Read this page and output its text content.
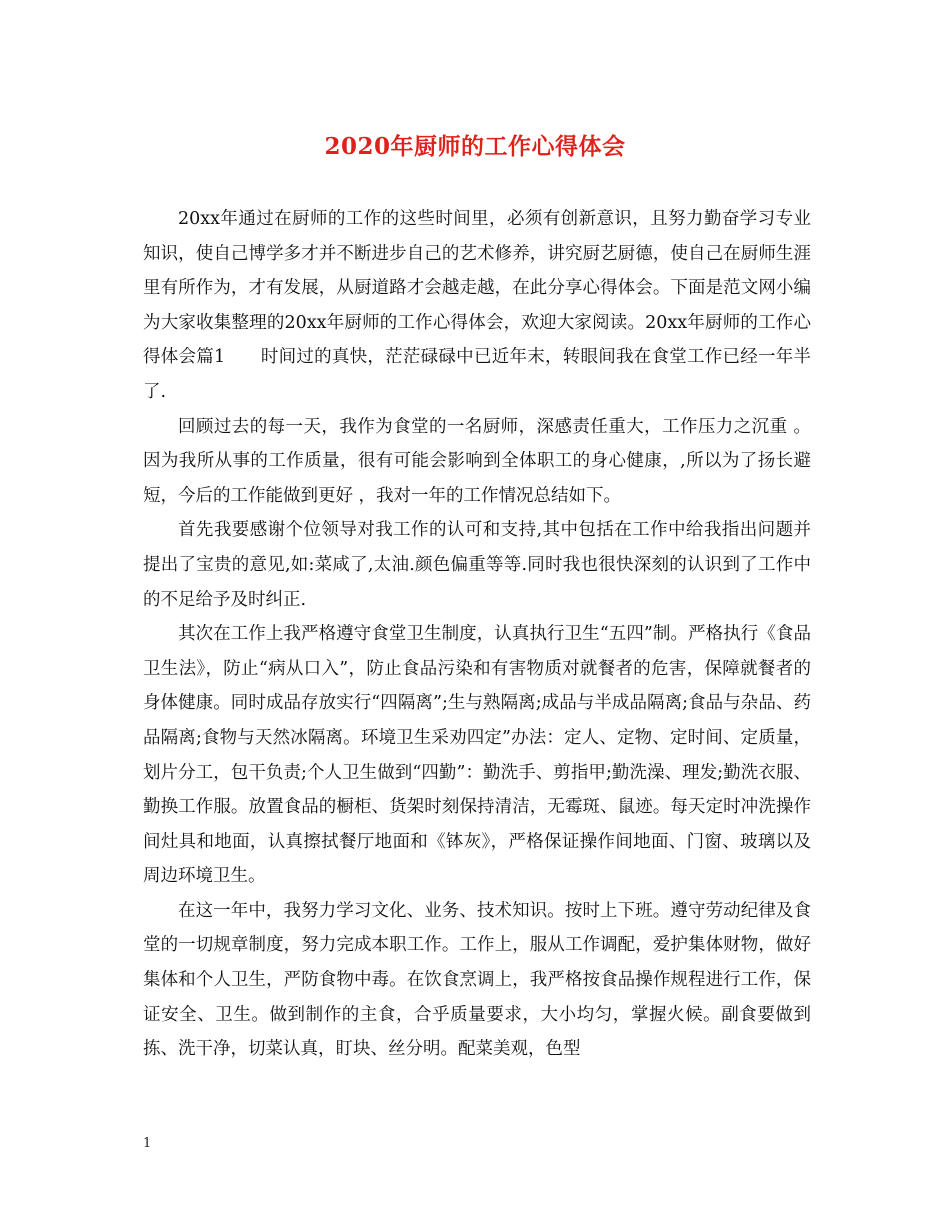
2020年厨师的工作心得体会

20xx年通过在厨师的工作的这些时间里，必须有创新意识，且努力勤奋学习专业知识，使自己博学多才并不断进步自己的艺术修养，讲究厨艺厨德，使自己在厨师生涯里有所作为，才有发展，从厨道路才会越走越，在此分享心得体会。下面是范文网小编为大家收集整理的20xx年厨师的工作心得体会，欢迎大家阅读。20xx年厨师的工作心得体会篇1　　时间过的真快，茫茫碌碌中已近年末，转眼间我在食堂工作已经一年半了.

回顾过去的每一天，我作为食堂的一名厨师，深感责任重大，工作压力之沉重 。因为我所从事的工作质量，很有可能会影响到全体职工的身心健康，,所以为了扬长避短，今后的工作能做到更好 ，我对一年的工作情况总结如下。

首先我要感谢个位领导对我工作的认可和支持,其中包括在工作中给我指出问题并提出了宝贵的意见,如:菜咸了,太油.颜色偏重等等.同时我也很快深刻的认识到了工作中的不足给予及时纠正.

其次在工作上我严格遵守食堂卫生制度，认真执行卫生“五四”制。严格执行《食品卫生法》，防止“病从口入”，防止食品污染和有害物质对就餐者的危害，保障就餐者的身体健康。同时成品存放实行“四隔离”;生与熟隔离;成品与半成品隔离;食品与杂品、药品隔离;食物与天然冰隔离。环境卫生采劝四定”办法：定人、定物、定时间、定质量，划片分工，包干负责;个人卫生做到“四勤”：勤洗手、剪指甲;勤洗澡、理发;勤洗衣服、勤换工作服。放置食品的橱柜、货架时刻保持清洁，无霉斑、鼠迹。每天定时冲洗操作间灶具和地面，认真擦拭餐厅地面和《钵灰》，严格保证操作间地面、门窗、玻璃以及周边环境卫生。

在这一年中，我努力学习文化、业务、技术知识。按时上下班。遵守劳动纪律及食堂的一切规章制度，努力完成本职工作。工作上，服从工作调配，爱护集体财物，做好集体和个人卫生，严防食物中毒。在饮食烹调上，我严格按食品操作规程进行工作，保证安全、卫生。做到制作的主食，合乎质量要求，大小均匀，掌握火候。副食要做到拣、洗干净，切菜认真，盯块、丝分明。配菜美观，色型

1
